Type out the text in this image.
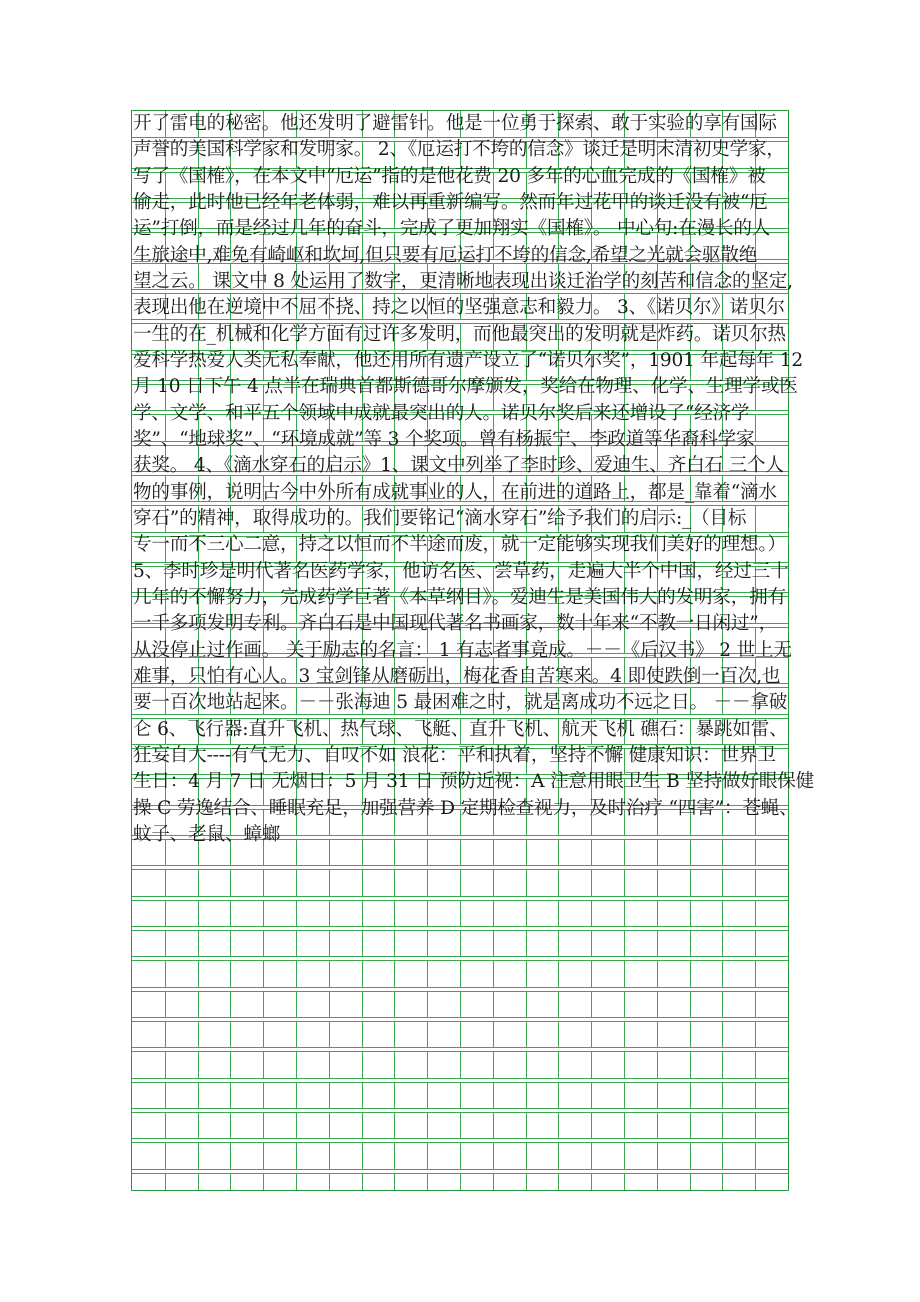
开了雷电的秘密。他还发明了避雷针。他是一位勇于探索、敢于实验的享有国际
声誉的美国科学家和发明家。 2、《厄运打不垮的信念》谈迁是明末清初史学家，
写了《国榷》，在本文中“厄运”指的是他花费 20 多年的心血完成的《国榷》被
偷走，此时他已经年老体弱，难以再重新编写。然而年过花甲的谈迁没有被“厄
运”打倒，而是经过几年的奋斗，完成了更加翔实《国榷》。 中心句:在漫长的人
生旅途中,难免有崎岖和坎坷,但只要有厄运打不垮的信念,希望之光就会驱散绝
望之云。 课文中 8 处运用了数字，更清晰地表现出谈迁治学的刻苦和信念的坚定,
表现出他在逆境中不屈不挠、持之以恒的坚强意志和毅力。 3、《诺贝尔》诺贝尔
一生的在_机械和化学方面有过许多发明，而他最突出的发明就是炸药。诺贝尔热
爱科学热爱人类无私奉献，他还用所有遗产设立了“诺贝尔奖”，1901 年起每年 12
月 10 日下午 4 点半在瑞典首都斯德哥尔摩颁发，奖给在物理、化学、生理学或医
学、文学、和平五个领域中成就最突出的人。诺贝尔奖后来还增设了“经济学
奖”、“地球奖”、“环境成就”等 3 个奖项。曾有杨振宁、李政道等华裔科学家
获奖。 4、《滴水穿石的启示》1、课文中列举了李时珍、爱迪生、齐白石 三个人
物的事例，说明古今中外所有成就事业的人，在前进的道路上，都是_靠着“滴水
穿石”的精神，取得成功的。我们要铭记“滴水穿石”给予我们的启示:_（目标
专一而不三心二意，持之以恒而不半途而废，就一定能够实现我们美好的理想。）
5、李时珍是明代著名医药学家，他访名医、尝草药，走遍大半个中国，经过三十
几年的不懈努力，完成药学巨著《本草纲目》。爱迪生是美国伟大的发明家，拥有
一千多项发明专利。齐白石是中国现代著名书画家，数十年来“不教一日闲过”，
从没停止过作画。 关于励志的名言： 1 有志者事竟成。－－《后汉书》 2 世上无
难事，只怕有心人。3 宝剑锋从磨砺出，梅花香自苦寒来。4 即使跌倒一百次,也
要一百次地站起来。－－张海迪 5 最困难之时，就是离成功不远之日。 －－拿破
仑 6、飞行器:直升飞机、热气球、飞艇、直升飞机、航天飞机 礁石：暴跳如雷、
狂妄自大----有气无力、自叹不如 浪花：平和执着，坚持不懈 健康知识：世界卫
生日：4 月 7 日 无烟日：5 月 31 日 预防近视：A 注意用眼卫生 B 坚持做好眼保健
操 C 劳逸结合、睡眠充足，加强营养 D 定期检查视力，及时治疗 “四害”：苍蝇、
蚊子、老鼠、蟑螂
